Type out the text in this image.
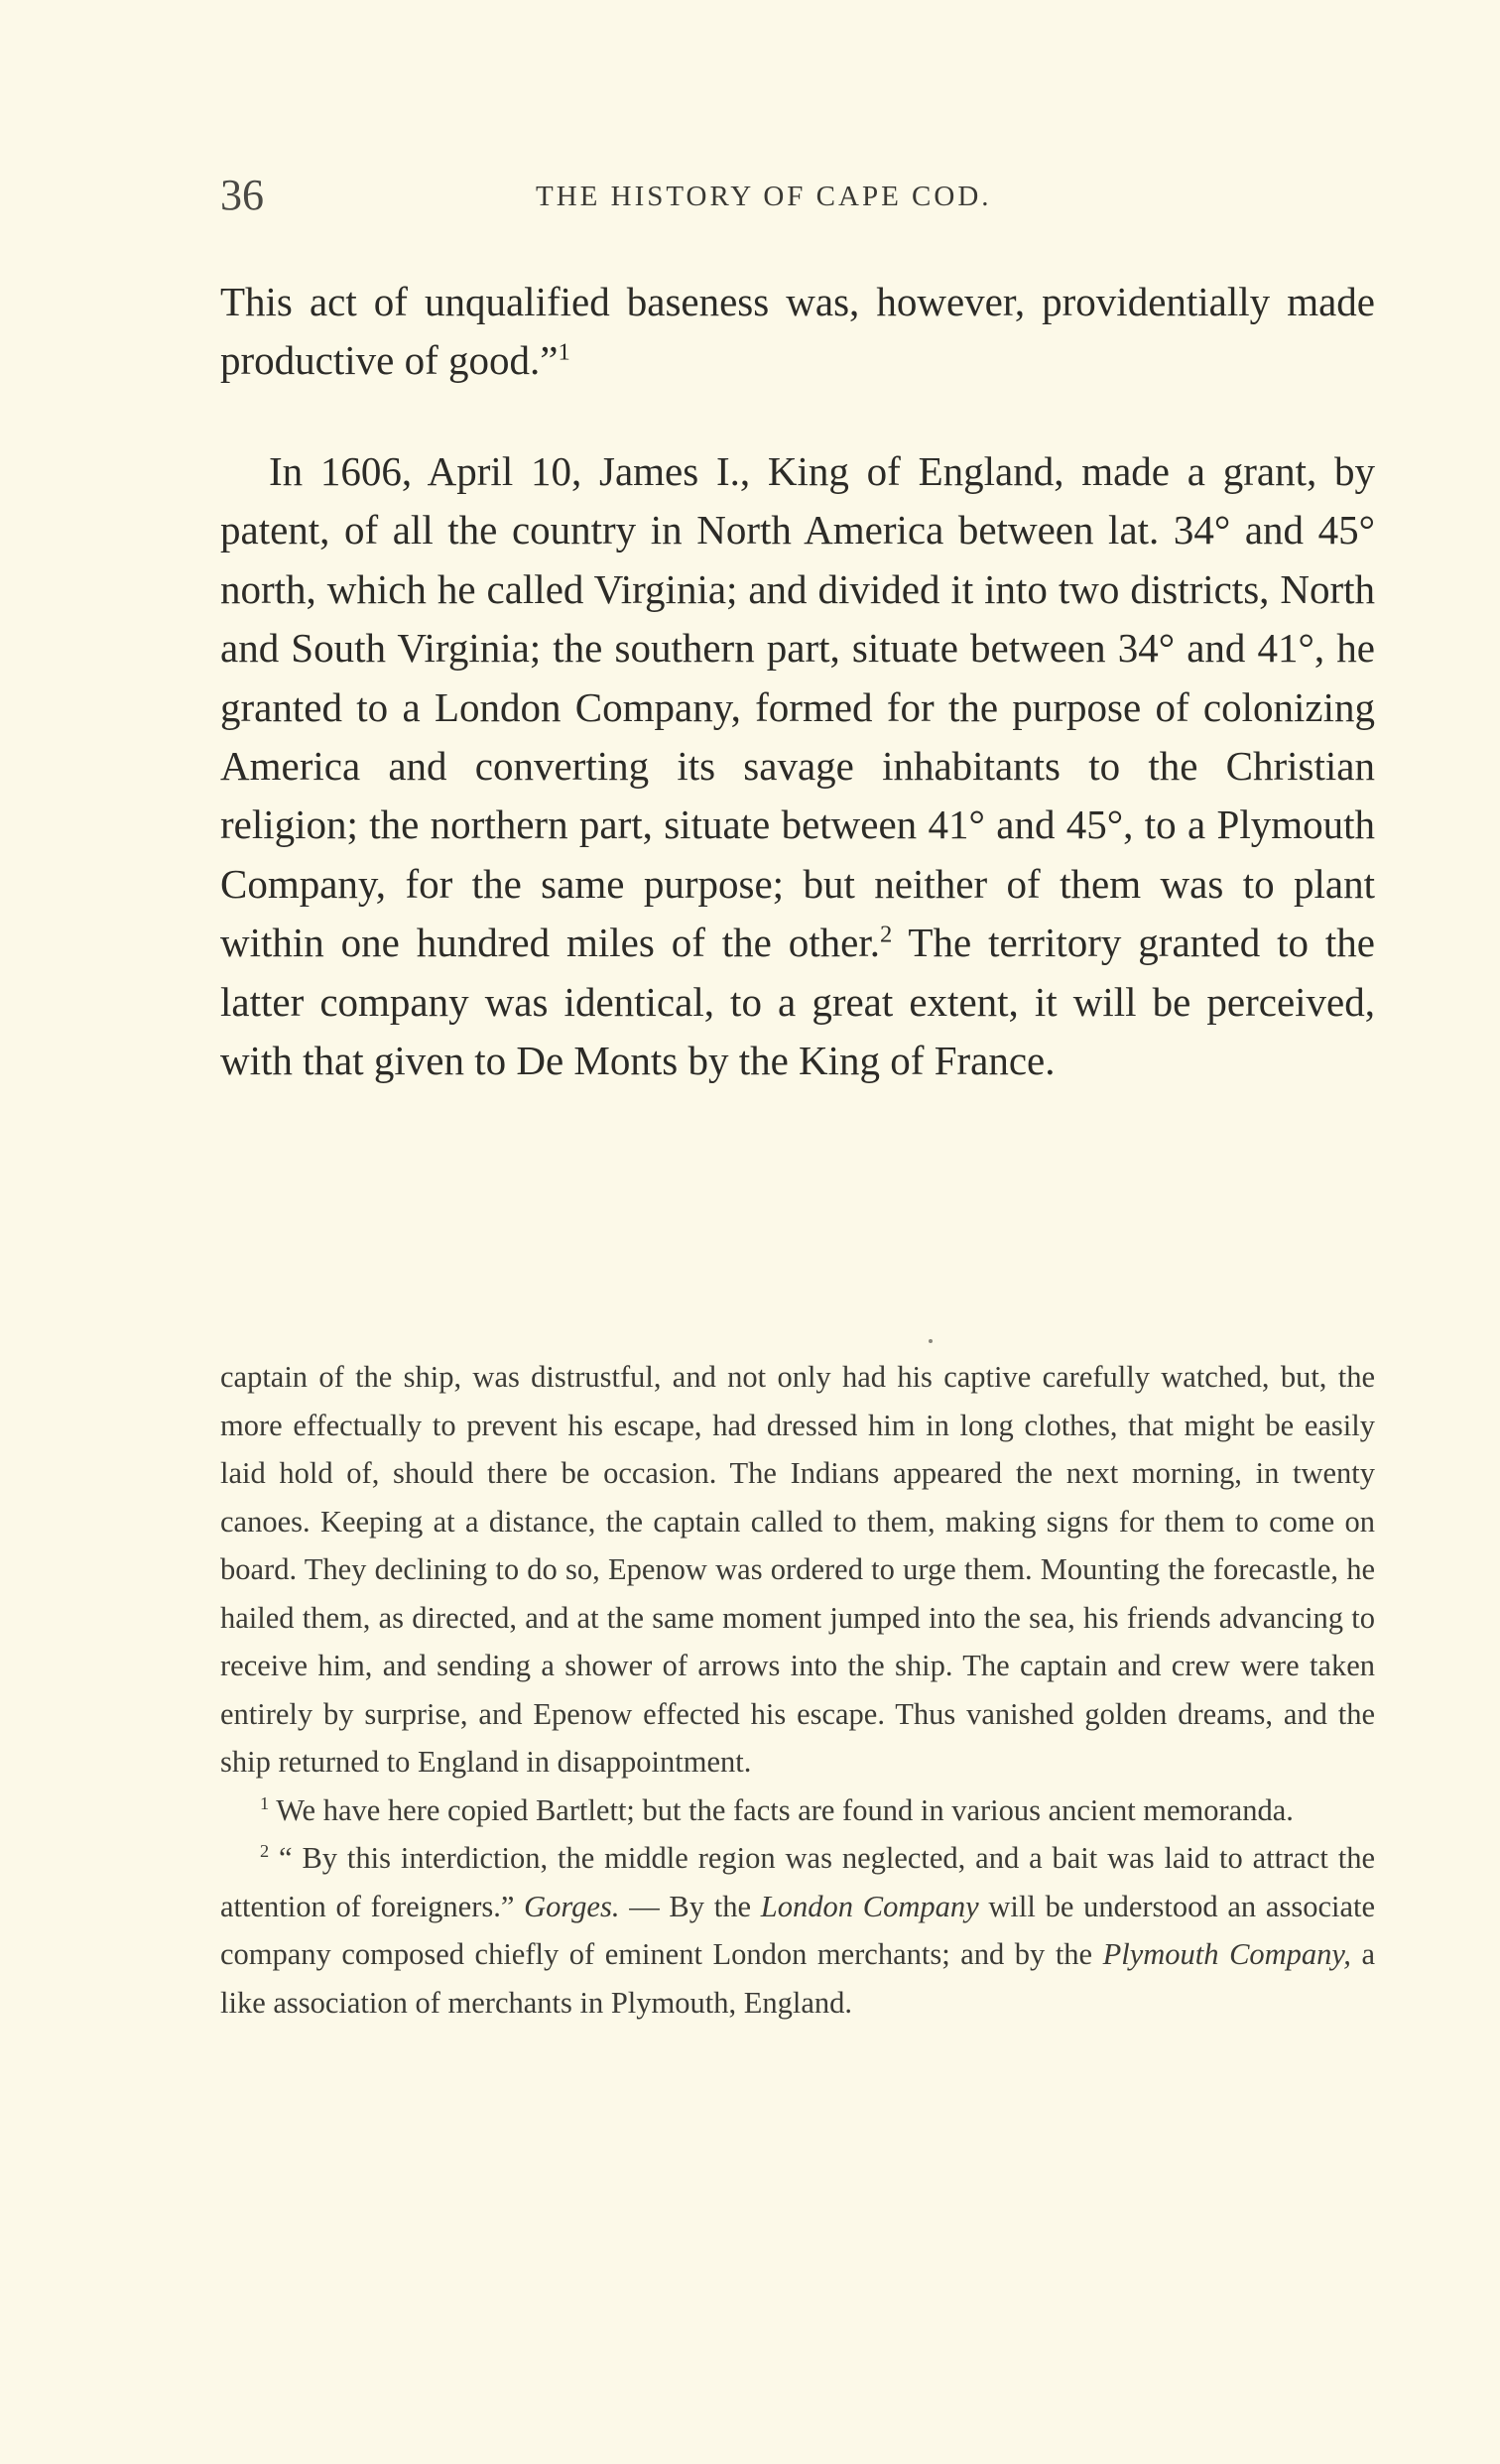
36	THE HISTORY OF CAPE COD.

This act of unqualified baseness was, however, providentially made productive of good.”$^1$

In 1606, April 10, James I., King of England, made a grant, by patent, of all the country in North America between lat. 34° and 45° north, which he called Virginia; and divided it into two districts, North and South Virginia; the southern part, situate between 34° and 41°, he granted to a London Company, formed for the purpose of colonizing America and converting its savage inhabitants to the Christian religion; the northern part, situate between 41° and 45°, to a Plymouth Company, for the same purpose; but neither of them was to plant within one hundred miles of the other.$^2$ The territory granted to the latter company was identical, to a great extent, it will be perceived, with that given to De Monts by the King of France.

captain of the ship, was distrustful, and not only had his captive carefully watched, but, the more effectually to prevent his escape, had dressed him in long clothes, that might be easily laid hold of, should there be occasion. The Indians appeared the next morning, in twenty canoes. Keeping at a distance, the captain called to them, making signs for them to come on board. They declining to do so, Epenow was ordered to urge them. Mounting the forecastle, he hailed them, as directed, and at the same moment jumped into the sea, his friends advancing to receive him, and sending a shower of arrows into the ship. The captain and crew were taken entirely by surprise, and Epenow effected his escape. Thus vanished golden dreams, and the ship returned to England in disappointment.

$^1$ We have here copied Bartlett; but the facts are found in various ancient memoranda.

$^2$ “ By this interdiction, the middle region was neglected, and a bait was laid to attract the attention of foreigners.” Gorges. — By the London Company will be understood an associate company composed chiefly of eminent London merchants; and by the Plymouth Company, a like association of merchants in Plymouth, England.
